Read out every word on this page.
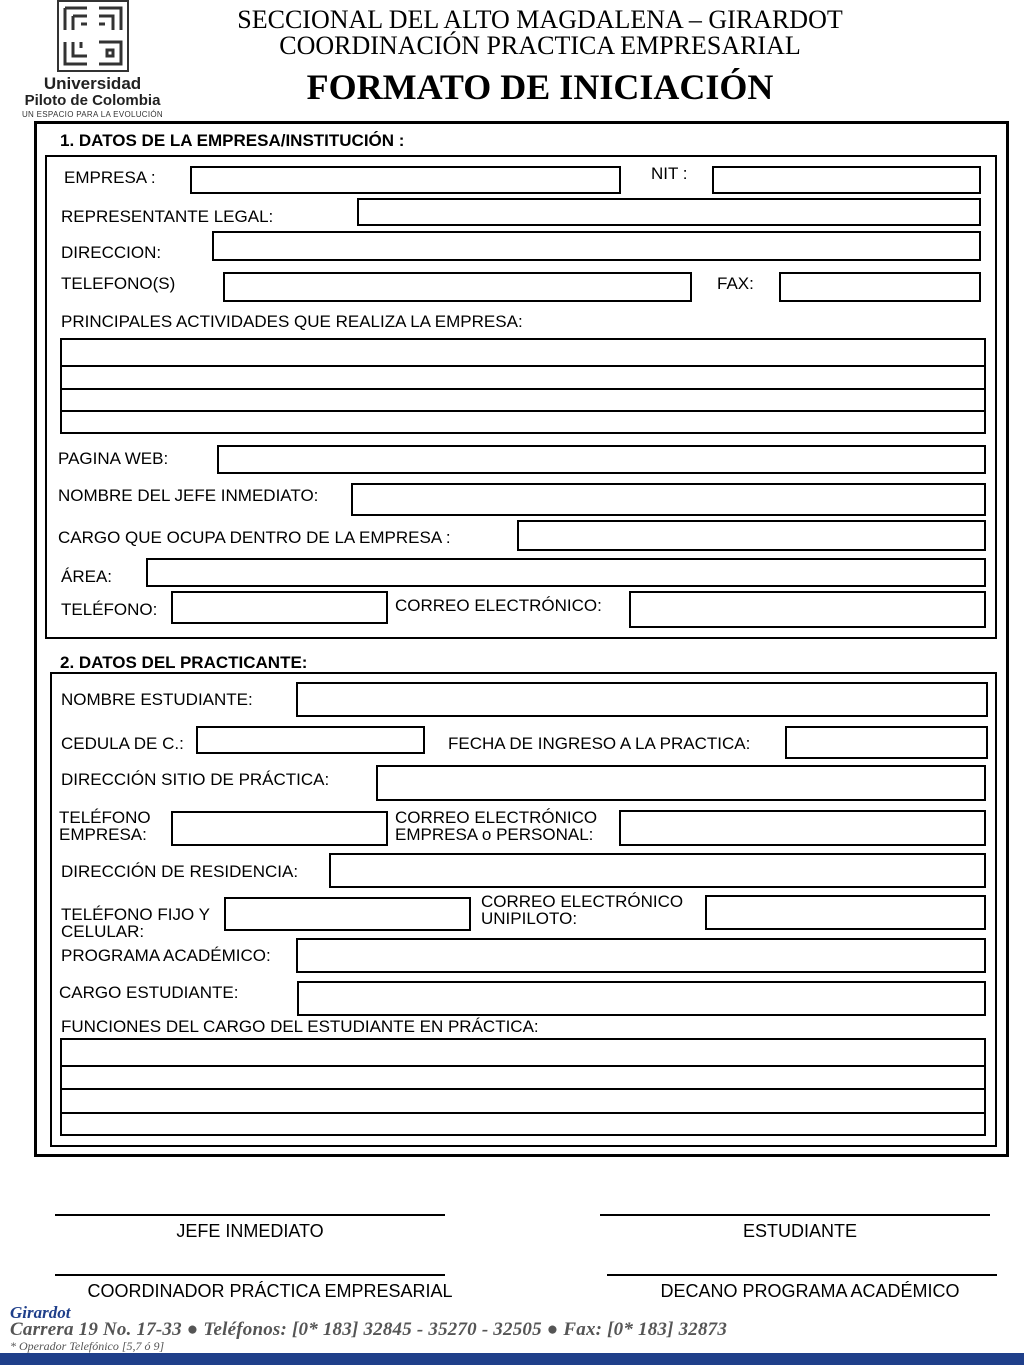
Universidad
Piloto de Colombia
UN ESPACIO PARA LA EVOLUCIÓN
SECCIONAL DEL ALTO MAGDALENA – GIRARDOT
COORDINACIÓN PRACTICA EMPRESARIAL
FORMATO DE INICIACIÓN
1. DATOS DE LA EMPRESA/INSTITUCIÓN :
EMPRESA :	NIT :
REPRESENTANTE LEGAL:
DIRECCION:
TELEFONO(S)	FAX:
PRINCIPALES ACTIVIDADES QUE REALIZA LA EMPRESA:
PAGINA WEB:
NOMBRE DEL JEFE INMEDIATO:
CARGO QUE OCUPA DENTRO DE LA EMPRESA :
ÁREA:
TELÉFONO:	CORREO ELECTRÓNICO:
2. DATOS DEL PRACTICANTE:
NOMBRE ESTUDIANTE:
CEDULA DE C.:	FECHA DE INGRESO A LA PRACTICA:
DIRECCIÓN SITIO DE PRÁCTICA:
TELÉFONO
EMPRESA:
CORREO ELECTRÓNICO
EMPRESA o PERSONAL:
DIRECCIÓN DE RESIDENCIA:
TELÉFONO FIJO Y
CELULAR:
CORREO ELECTRÓNICO
UNIPILOTO:
PROGRAMA ACADÉMICO:
CARGO ESTUDIANTE:
FUNCIONES DEL CARGO DEL ESTUDIANTE EN PRÁCTICA:
JEFE INMEDIATO	ESTUDIANTE
COORDINADOR PRÁCTICA EMPRESARIAL	DECANO PROGRAMA ACADÉMICO
Girardot
Carrera 19 No. 17-33 ● Teléfonos: [0* 183] 32845 - 35270 - 32505 ● Fax: [0* 183] 32873
* Operador Telefónico [5,7 ó 9]
